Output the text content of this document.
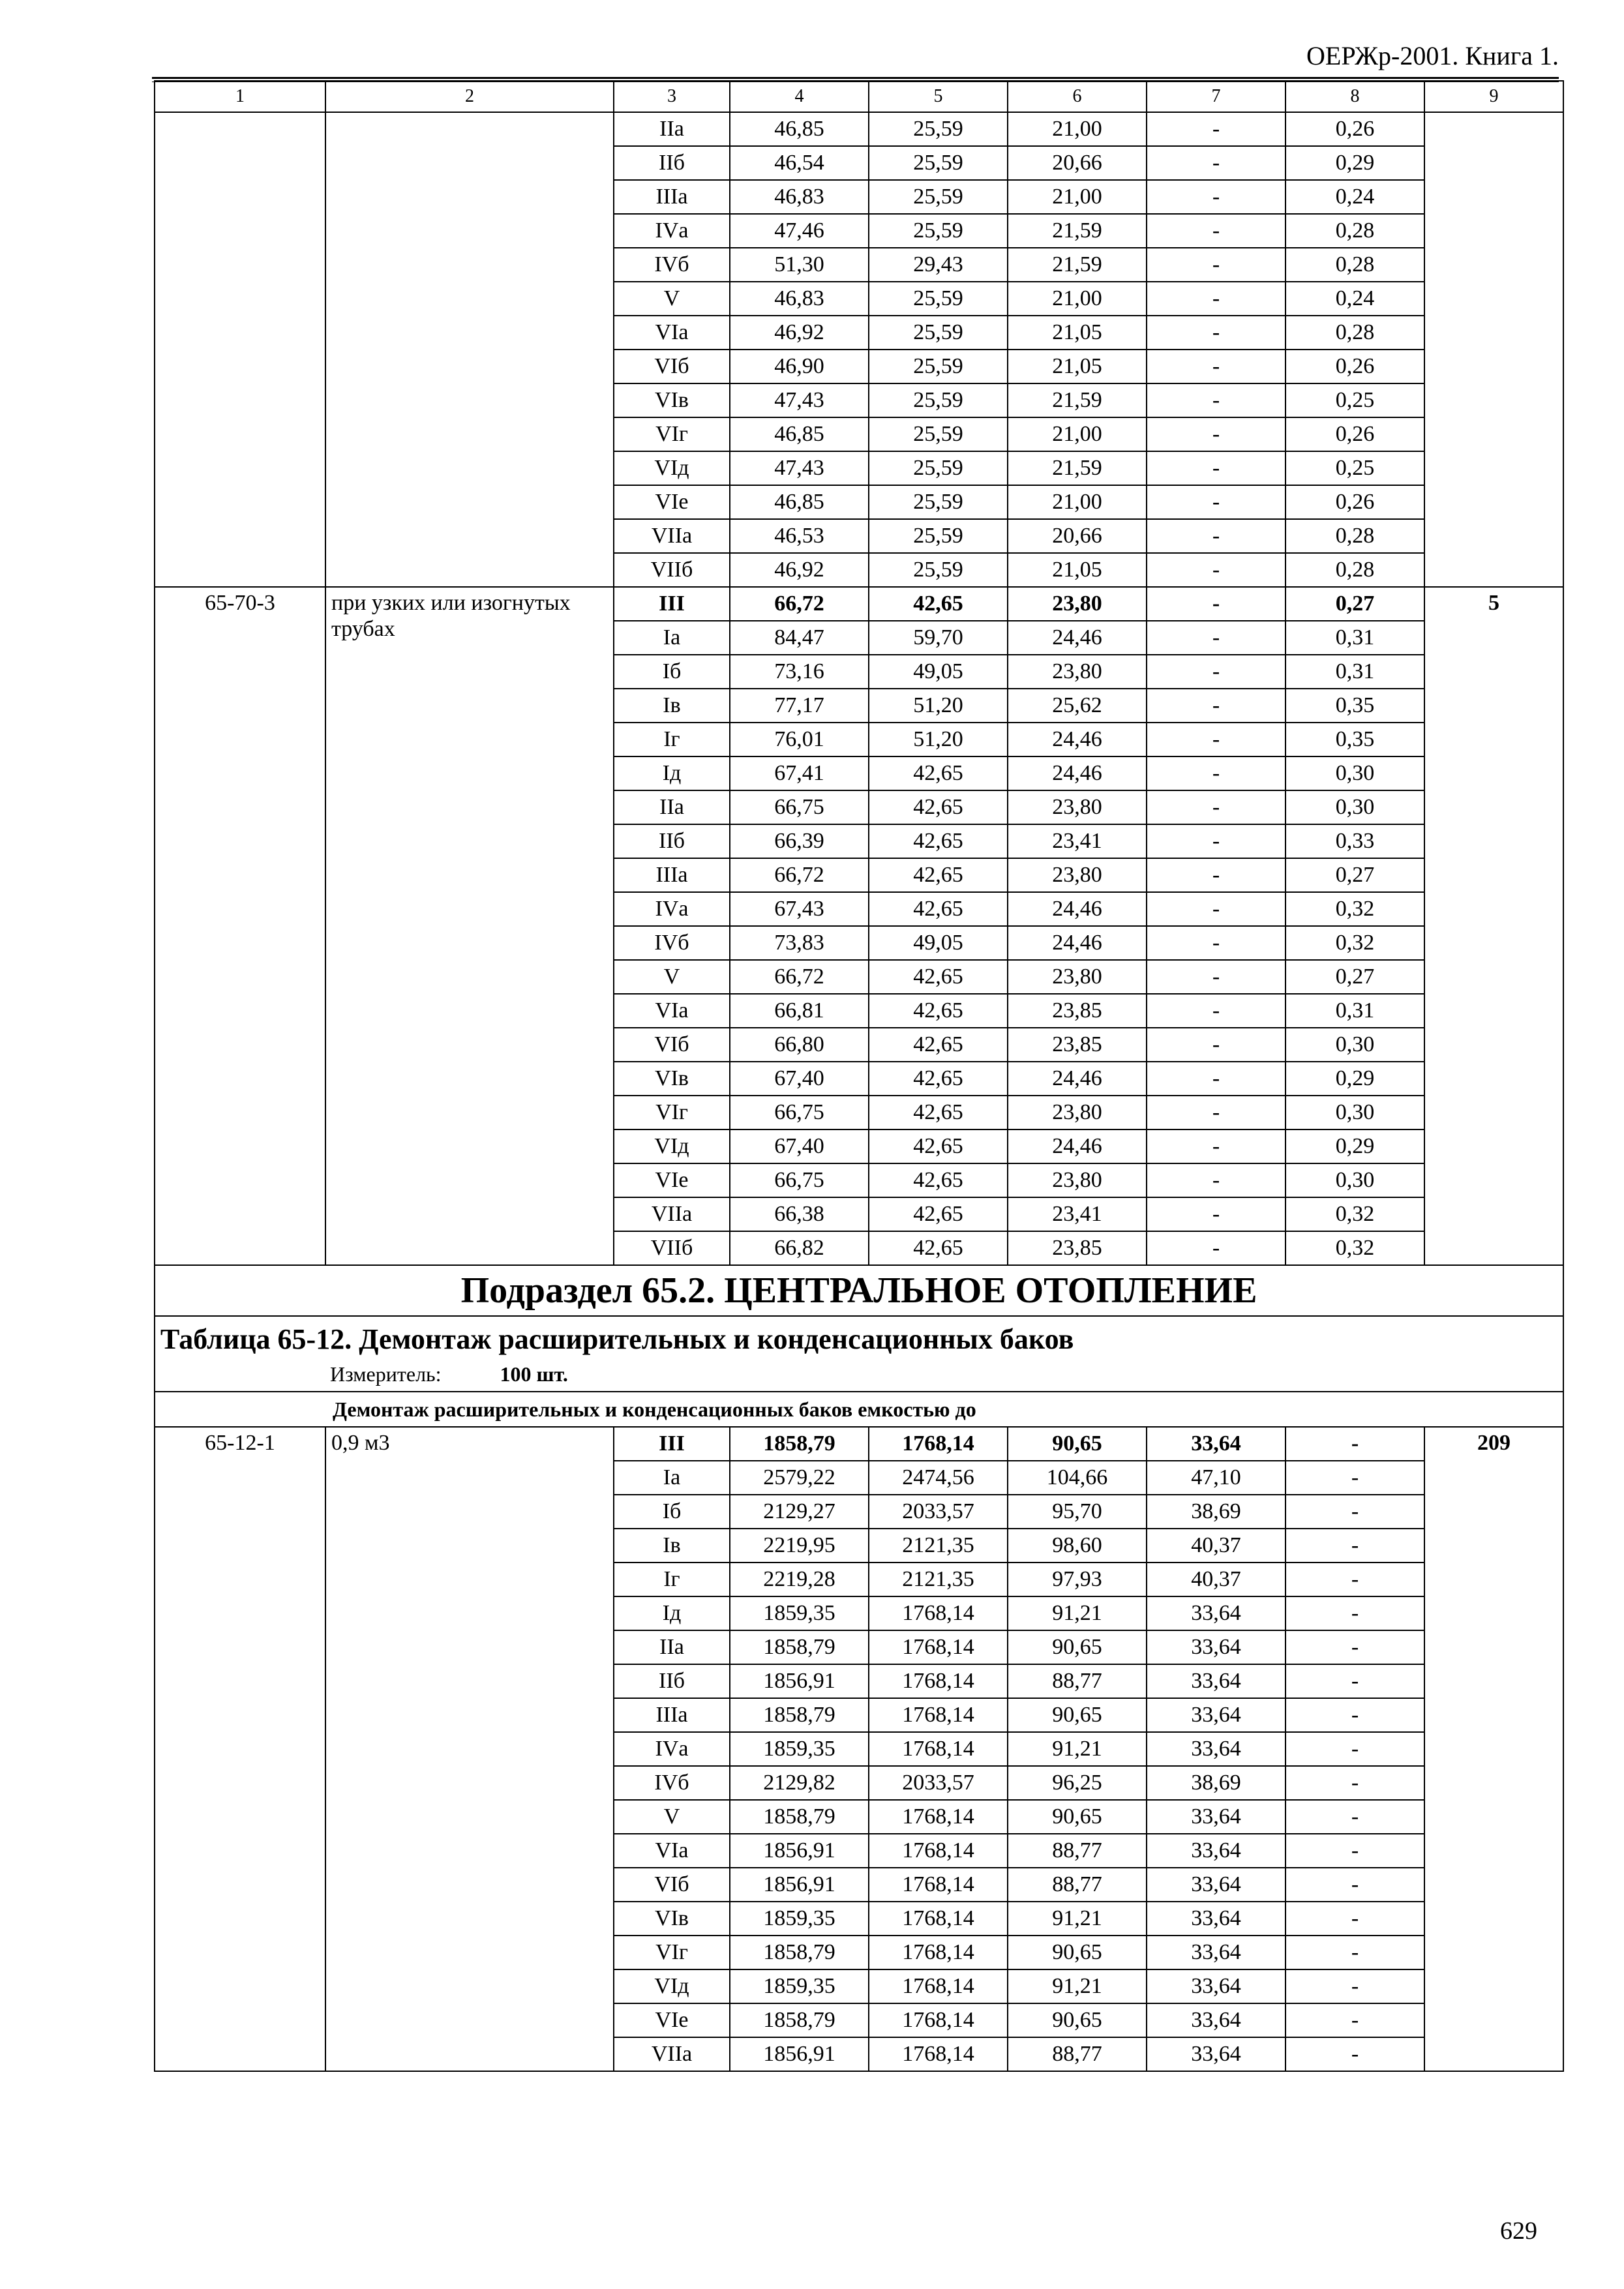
ОЕРЖр-2001. Книга 1.
1	2	3	4	5	6	7	8	9
		IIа	46,85	25,59	21,00	-	0,26	
		IIб	46,54	25,59	20,66	-	0,29	
		IIIа	46,83	25,59	21,00	-	0,24	
		IVа	47,46	25,59	21,59	-	0,28	
		IVб	51,30	29,43	21,59	-	0,28	
		V	46,83	25,59	21,00	-	0,24	
		VIа	46,92	25,59	21,05	-	0,28	
		VIб	46,90	25,59	21,05	-	0,26	
		VIв	47,43	25,59	21,59	-	0,25	
		VIг	46,85	25,59	21,00	-	0,26	
		VIд	47,43	25,59	21,59	-	0,25	
		VIе	46,85	25,59	21,00	-	0,26	
		VIIа	46,53	25,59	20,66	-	0,28	
		VIIб	46,92	25,59	21,05	-	0,28	
65-70-3	при узких или изогнутых трубах	III	66,72	42,65	23,80	-	0,27	5
		Iа	84,47	59,70	24,46	-	0,31	
		Iб	73,16	49,05	23,80	-	0,31	
		Iв	77,17	51,20	25,62	-	0,35	
		Iг	76,01	51,20	24,46	-	0,35	
		Iд	67,41	42,65	24,46	-	0,30	
		IIа	66,75	42,65	23,80	-	0,30	
		IIб	66,39	42,65	23,41	-	0,33	
		IIIа	66,72	42,65	23,80	-	0,27	
		IVа	67,43	42,65	24,46	-	0,32	
		IVб	73,83	49,05	24,46	-	0,32	
		V	66,72	42,65	23,80	-	0,27	
		VIа	66,81	42,65	23,85	-	0,31	
		VIб	66,80	42,65	23,85	-	0,30	
		VIв	67,40	42,65	24,46	-	0,29	
		VIг	66,75	42,65	23,80	-	0,30	
		VIд	67,40	42,65	24,46	-	0,29	
		VIе	66,75	42,65	23,80	-	0,30	
		VIIа	66,38	42,65	23,41	-	0,32	
		VIIб	66,82	42,65	23,85	-	0,32	
Подраздел 65.2. ЦЕНТРАЛЬНОЕ ОТОПЛЕНИЕ								

Таблица 65-12. Демонтаж расширительных и конденсационных баков
Измеритель: 100 шт.								

Демонтаж расширительных и конденсационных баков емкостью до								
65-12-1	0,9 м3	III	1858,79	1768,14	90,65	33,64	-	209
		Iа	2579,22	2474,56	104,66	47,10	-	
		Iб	2129,27	2033,57	95,70	38,69	-	
		Iв	2219,95	2121,35	98,60	40,37	-	
		Iг	2219,28	2121,35	97,93	40,37	-	
		Iд	1859,35	1768,14	91,21	33,64	-	
		IIа	1858,79	1768,14	90,65	33,64	-	
		IIб	1856,91	1768,14	88,77	33,64	-	
		IIIа	1858,79	1768,14	90,65	33,64	-	
		IVа	1859,35	1768,14	91,21	33,64	-	
		IVб	2129,82	2033,57	96,25	38,69	-	
		V	1858,79	1768,14	90,65	33,64	-	
		VIа	1856,91	1768,14	88,77	33,64	-	
		VIб	1856,91	1768,14	88,77	33,64	-	
		VIв	1859,35	1768,14	91,21	33,64	-	
		VIг	1858,79	1768,14	90,65	33,64	-	
		VIд	1859,35	1768,14	91,21	33,64	-	
		VIе	1858,79	1768,14	90,65	33,64	-	
		VIIа	1856,91	1768,14	88,77	33,64	-	
629
